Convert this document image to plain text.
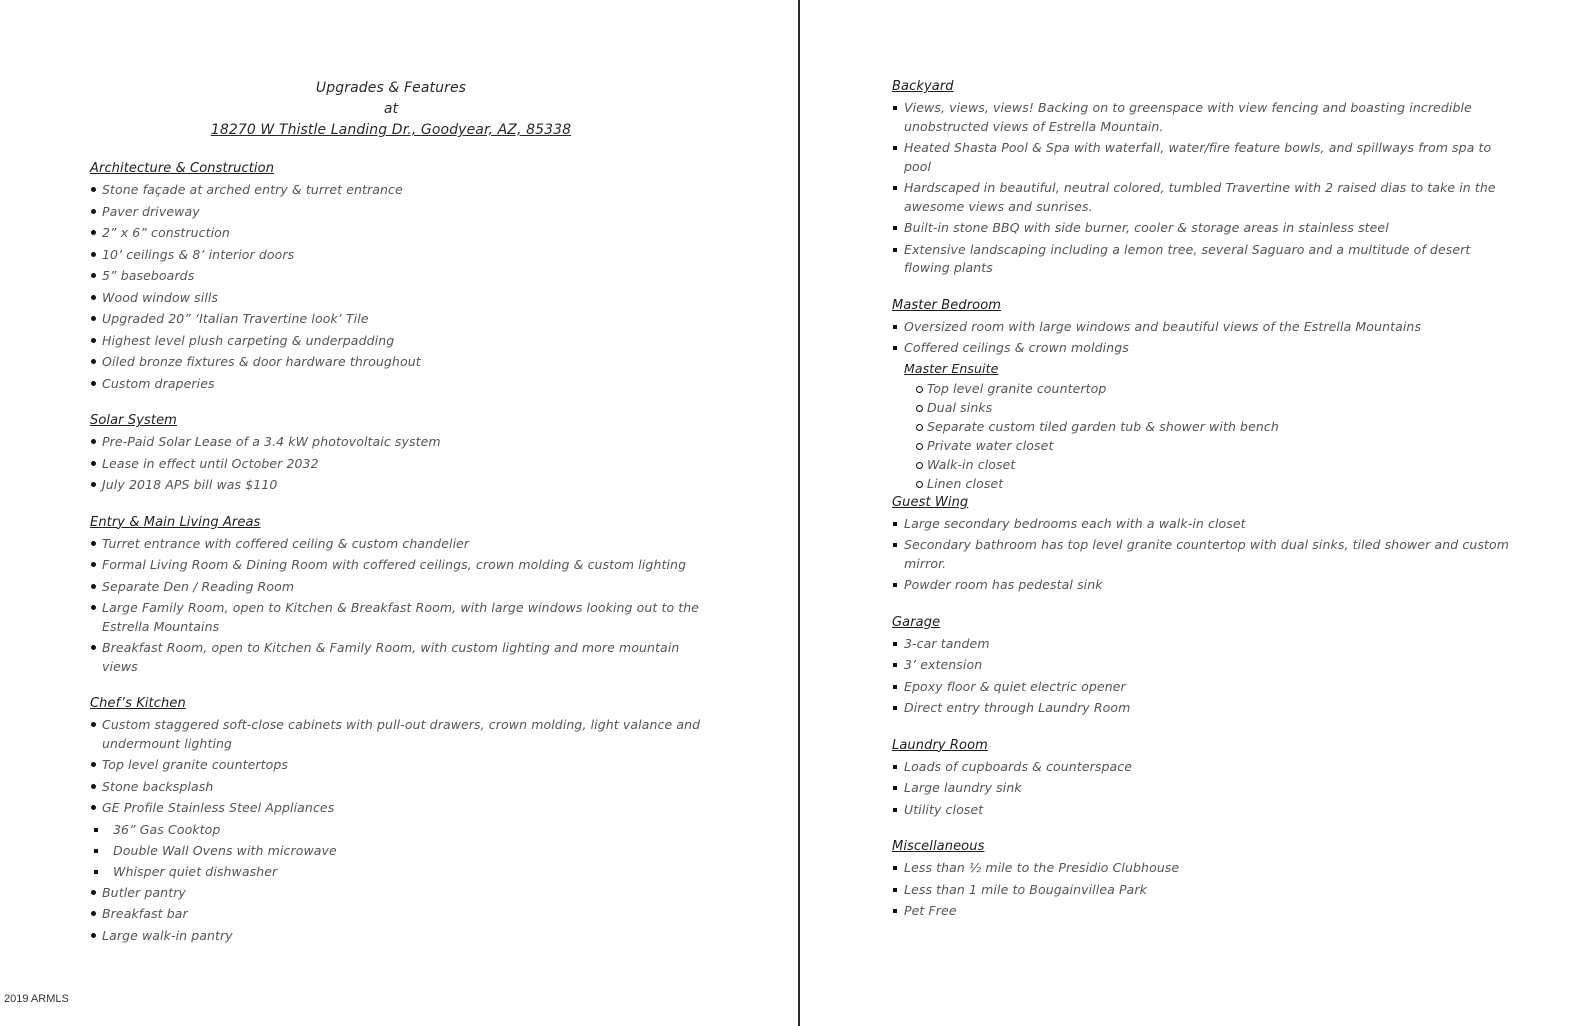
Upgrades & Features
at
18270 W Thistle Landing Dr., Goodyear, AZ, 85338
Architecture & Construction
Stone façade at arched entry & turret entrance
Paver driveway
2” x 6” construction
10’ ceilings & 8’ interior doors
5” baseboards
Wood window sills
Upgraded 20” ‘Italian Travertine look’ Tile
Highest level plush carpeting & underpadding
Oiled bronze fixtures & door hardware throughout
Custom draperies
Solar System
Pre-Paid Solar Lease of a 3.4 kW photovoltaic system
Lease in effect until October 2032
July 2018 APS bill was $110
Entry & Main Living Areas
Turret entrance with coffered ceiling & custom chandelier
Formal Living Room & Dining Room with coffered ceilings, crown molding & custom lighting
Separate Den / Reading Room
Large Family Room, open to Kitchen & Breakfast Room, with large windows looking out to the Estrella Mountains
Breakfast Room, open to Kitchen & Family Room, with custom lighting and more mountain views
Chef’s Kitchen
Custom staggered soft-close cabinets with pull-out drawers, crown molding, light valance and undermount lighting
Top level granite countertops
Stone backsplash
GE Profile Stainless Steel Appliances
36” Gas Cooktop
Double Wall Ovens with microwave
Whisper quiet dishwasher
Butler pantry
Breakfast bar
Large walk-in pantry
Backyard
Views, views, views! Backing on to greenspace with view fencing and boasting incredible unobstructed views of Estrella Mountain.
Heated Shasta Pool & Spa with waterfall, water/fire feature bowls, and spillways from spa to pool
Hardscaped in beautiful, neutral colored, tumbled Travertine with 2 raised dias to take in the awesome views and sunrises.
Built-in stone BBQ with side burner, cooler & storage areas in stainless steel
Extensive landscaping including a lemon tree, several Saguaro and a multitude of desert flowing plants
Master Bedroom
Oversized room with large windows and beautiful views of the Estrella Mountains
Coffered ceilings & crown moldings
Master Ensuite
Top level granite countertop
Dual sinks
Separate custom tiled garden tub & shower with bench
Private water closet
Walk-in closet
Linen closet
Guest Wing
Large secondary bedrooms each with a walk-in closet
Secondary bathroom has top level granite countertop with dual sinks, tiled shower and custom mirror.
Powder room has pedestal sink
Garage
3-car tandem
3’ extension
Epoxy floor & quiet electric opener
Direct entry through Laundry Room
Laundry Room
Loads of cupboards & counterspace
Large laundry sink
Utility closet
Miscellaneous
Less than ½ mile to the Presidio Clubhouse
Less than 1 mile to Bougainvillea Park
Pet Free
2019 ARMLS
